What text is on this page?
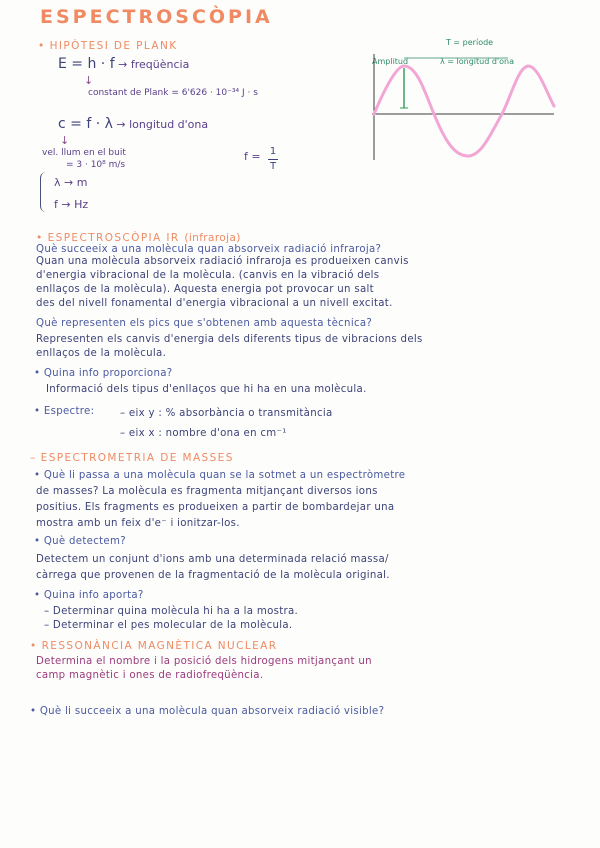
ESPECTROSCÒPIA
• HIPÒTESI DE PLANK
E = h · f → freqüència
↓
constant de Plank = 6'626 · 10⁻³⁴ J · s
c = f · λ → longitud d'ona
↓
vel. llum en el buit
= 3 · 10⁸ m/s
f = 1
T
λ → m
f → Hz
T = període
Amplitud	λ = longitud d'ona
• ESPECTROSCÒPIA IR (infraroja)
Què succeeix a una molècula quan absorveix radiació infraroja?
Quan una molècula absorveix radiació infraroja es produeixen canvis
d'energia vibracional de la molècula. (canvis en la vibració dels
enllaços de la molècula). Aquesta energia pot provocar un salt
des del nivell fonamental d'energia vibracional a un nivell excitat.
Què representen els pics que s'obtenen amb aquesta tècnica?
Representen els canvis d'energia dels diferents tipus de vibracions dels
enllaços de la molècula.
• Quina info proporciona?
Informació dels tipus d'enllaços que hi ha en una molècula.
• Espectre:	– eix y : % absorbància o transmitància
– eix x : nombre d'ona en cm⁻¹
– ESPECTROMETRIA DE MASSES
• Què li passa a una molècula quan se la sotmet a un espectròmetre
de masses? La molècula es fragmenta mitjançant diversos ions
positius. Els fragments es produeixen a partir de bombardejar una
mostra amb un feix d'e⁻ i ionitzar-los.
• Què detectem?
Detectem un conjunt d'ions amb una determinada relació massa/
càrrega que provenen de la fragmentació de la molècula original.
• Quina info aporta?
– Determinar quina molècula hi ha a la mostra.
– Determinar el pes molecular de la molècula.
• RESSONÀNCIA MAGNÈTICA NUCLEAR
Determina el nombre i la posició dels hidrogens mitjançant un
camp magnètic i ones de radiofreqüència.
• Què li succeeix a una molècula quan absorveix radiació visible?
